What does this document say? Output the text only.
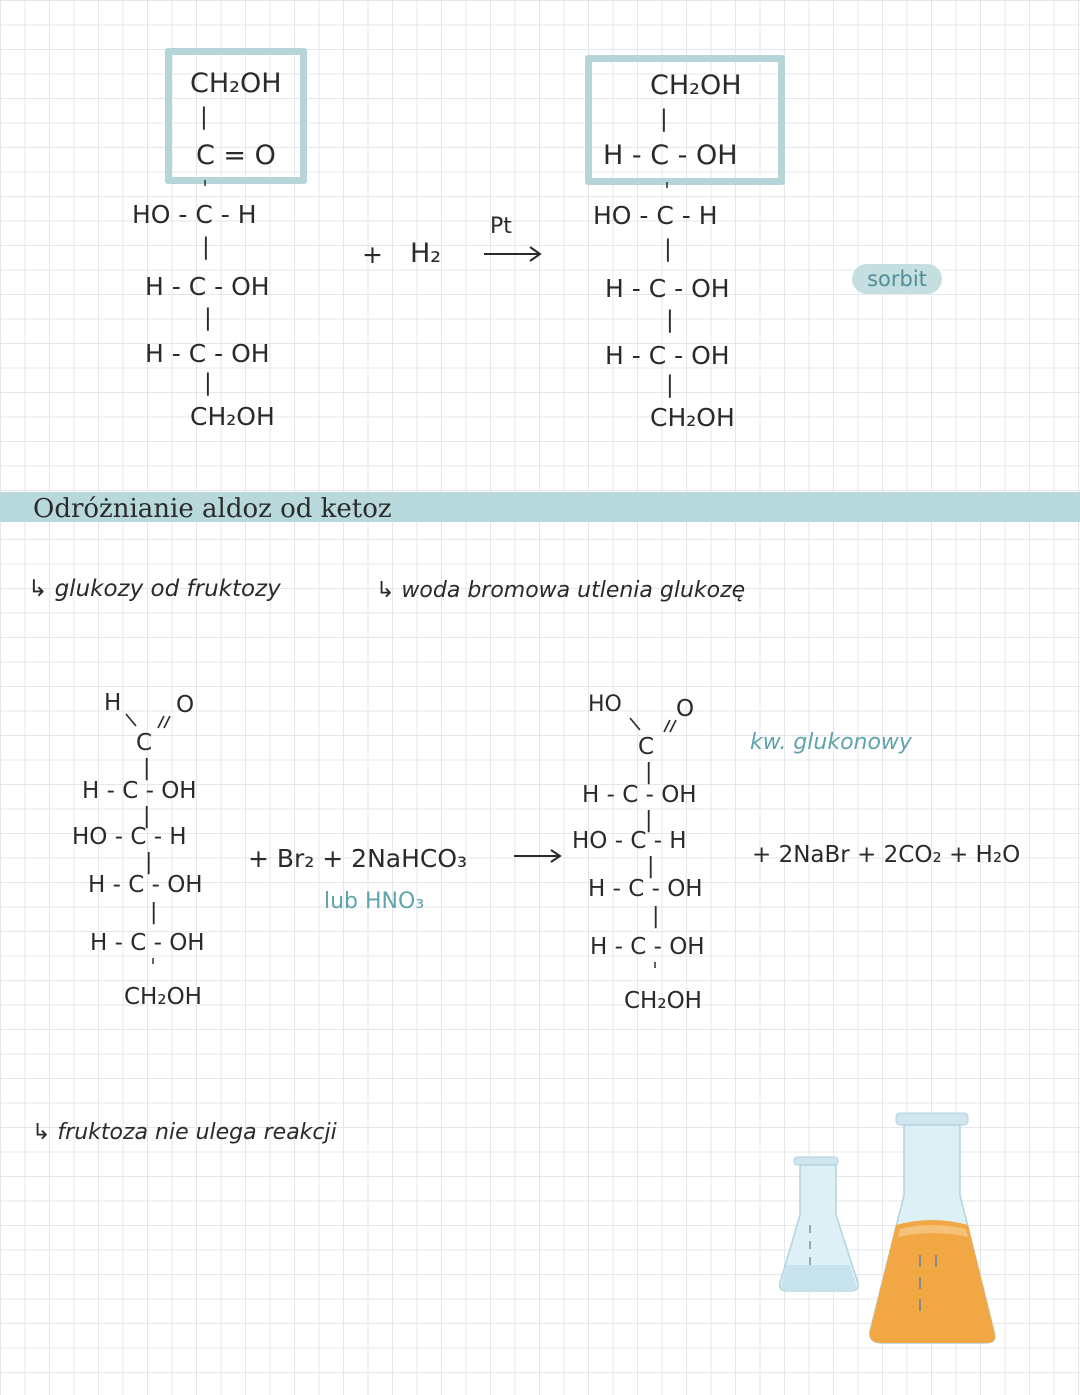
CH₂OH
|
C = O
ˈ
HO - C - H
|
H - C - OH
|
H - C - OH
|
CH₂OH
+ H₂
Pt
CH₂OH
|
H - C - OH
ˈ
HO - C - H
|
H - C - OH
|
H - C - OH
|
CH₂OH
sorbit
Odróżnianie aldoz od ketoz
↳ glukozy od fruktozy	↳ woda bromowa utlenia glukozę
H O
C
|
H - C - OH
|
HO - C - H
|
H - C - OH
|
H - C - OH
ˈ
CH₂OH
+ Br₂ + 2NaHCO₃
lub HNO₃
HO O
C
|
H - C - OH
|
HO - C - H
|
H - C - OH
|
H - C - OH
ˈ
CH₂OH
kw. glukonowy
+ 2NaBr + 2CO₂ + H₂O
↳ fruktoza nie ulega reakcji
